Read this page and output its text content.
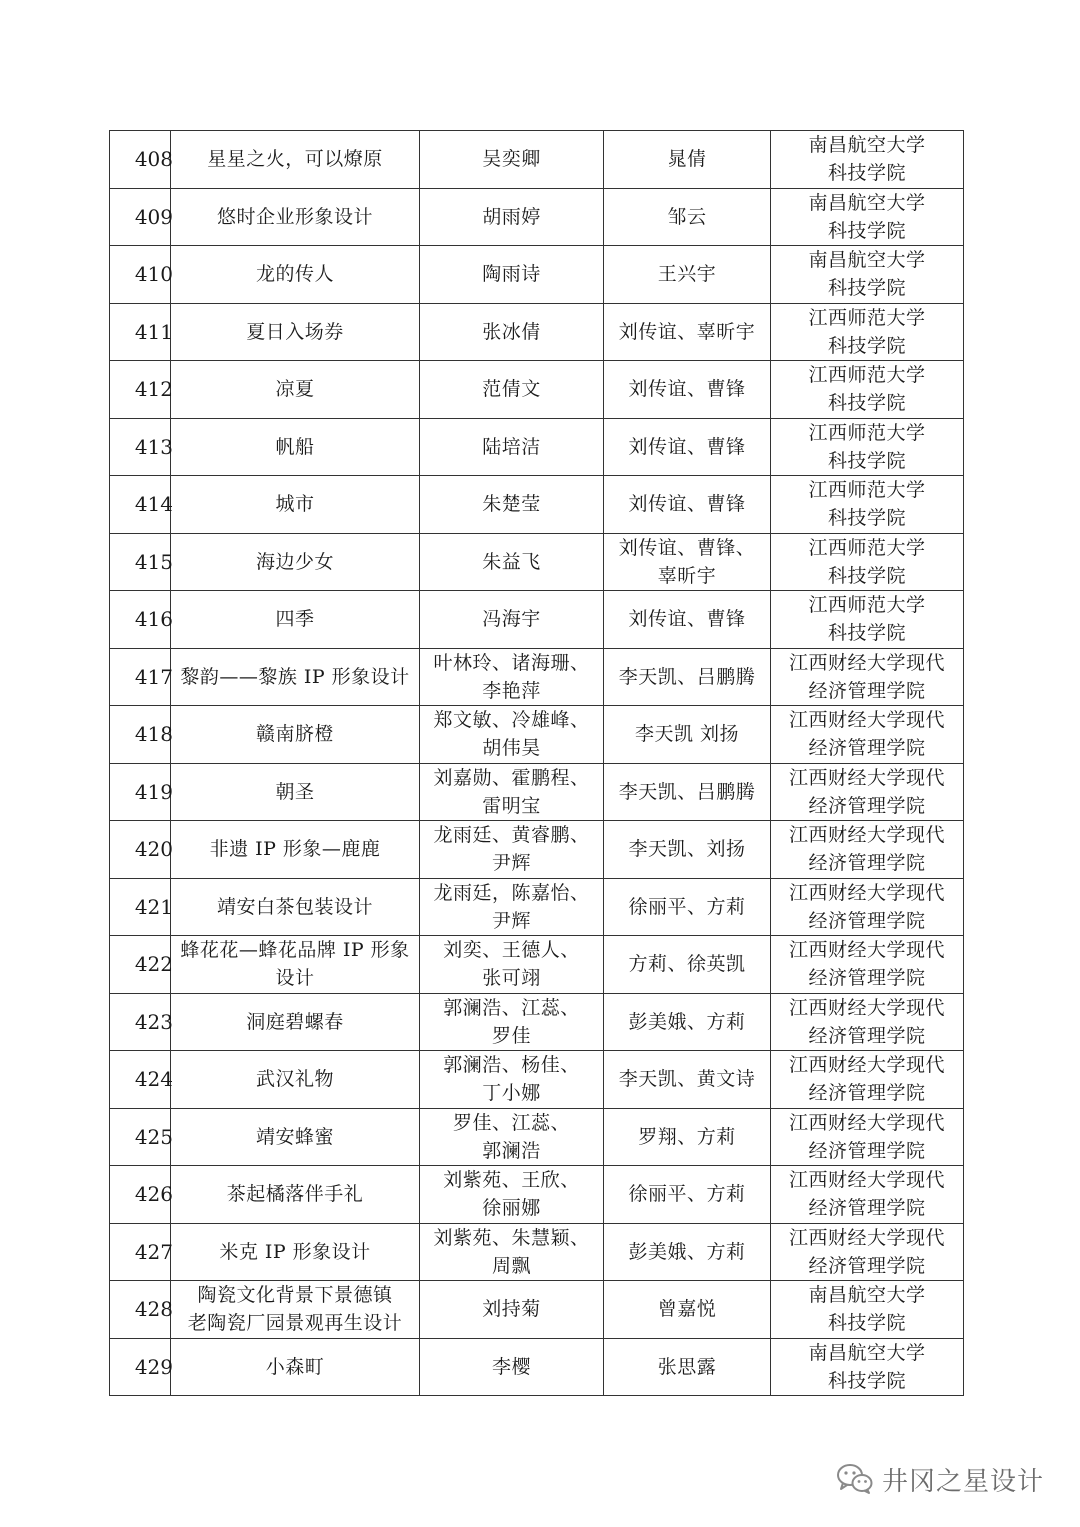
408	星星之火，可以燎原	吴奕卿	晁倩	南昌航空大学
科技学院
409	悠时企业形象设计	胡雨婷	邹云	南昌航空大学
科技学院
410	龙的传人	陶雨诗	王兴宇	南昌航空大学
科技学院
411	夏日入场券	张冰倩	刘传谊、辜昕宇	江西师范大学
科技学院
412	凉夏	范倩文	刘传谊、曹锋	江西师范大学
科技学院
413	帆船	陆培洁	刘传谊、曹锋	江西师范大学
科技学院
414	城市	朱楚莹	刘传谊、曹锋	江西师范大学
科技学院
415	海边少女	朱益飞	刘传谊、曹锋、
辜昕宇	江西师范大学
科技学院
416	四季	冯海宇	刘传谊、曹锋	江西师范大学
科技学院
417	黎韵——黎族 IP 形象设计	叶林玲、诸海珊、
李艳萍	李天凯、吕鹏腾	江西财经大学现代
经济管理学院
418	赣南脐橙	郑文敏、冷雄峰、
胡伟昊	李天凯 刘扬	江西财经大学现代
经济管理学院
419	朝圣	刘嘉勋、霍鹏程、
雷明宝	李天凯、吕鹏腾	江西财经大学现代
经济管理学院
420	非遗 IP 形象—鹿鹿	龙雨廷、黄睿鹏、
尹辉	李天凯、刘扬	江西财经大学现代
经济管理学院
421	靖安白茶包装设计	龙雨廷，陈嘉怡、
尹辉	徐丽平、方莉	江西财经大学现代
经济管理学院
422	蜂花花—蜂花品牌 IP 形象
设计	刘奕、王德人、
张可翊	方莉、徐英凯	江西财经大学现代
经济管理学院
423	洞庭碧螺春	郭澜浩、江蕊、
罗佳	彭美娥、方莉	江西财经大学现代
经济管理学院
424	武汉礼物	郭澜浩、杨佳、
丁小娜	李天凯、黄文诗	江西财经大学现代
经济管理学院
425	靖安蜂蜜	罗佳、江蕊、
郭澜浩	罗翔、方莉	江西财经大学现代
经济管理学院
426	茶起橘落伴手礼	刘紫苑、王欣、
徐丽娜	徐丽平、方莉	江西财经大学现代
经济管理学院
427	米克 IP 形象设计	刘紫苑、朱慧颖、
周飘	彭美娥、方莉	江西财经大学现代
经济管理学院
428	陶瓷文化背景下景德镇
老陶瓷厂园景观再生设计	刘持菊	曾嘉悦	南昌航空大学
科技学院
429	小森町	李樱	张思露	南昌航空大学
科技学院
井冈之星设计
